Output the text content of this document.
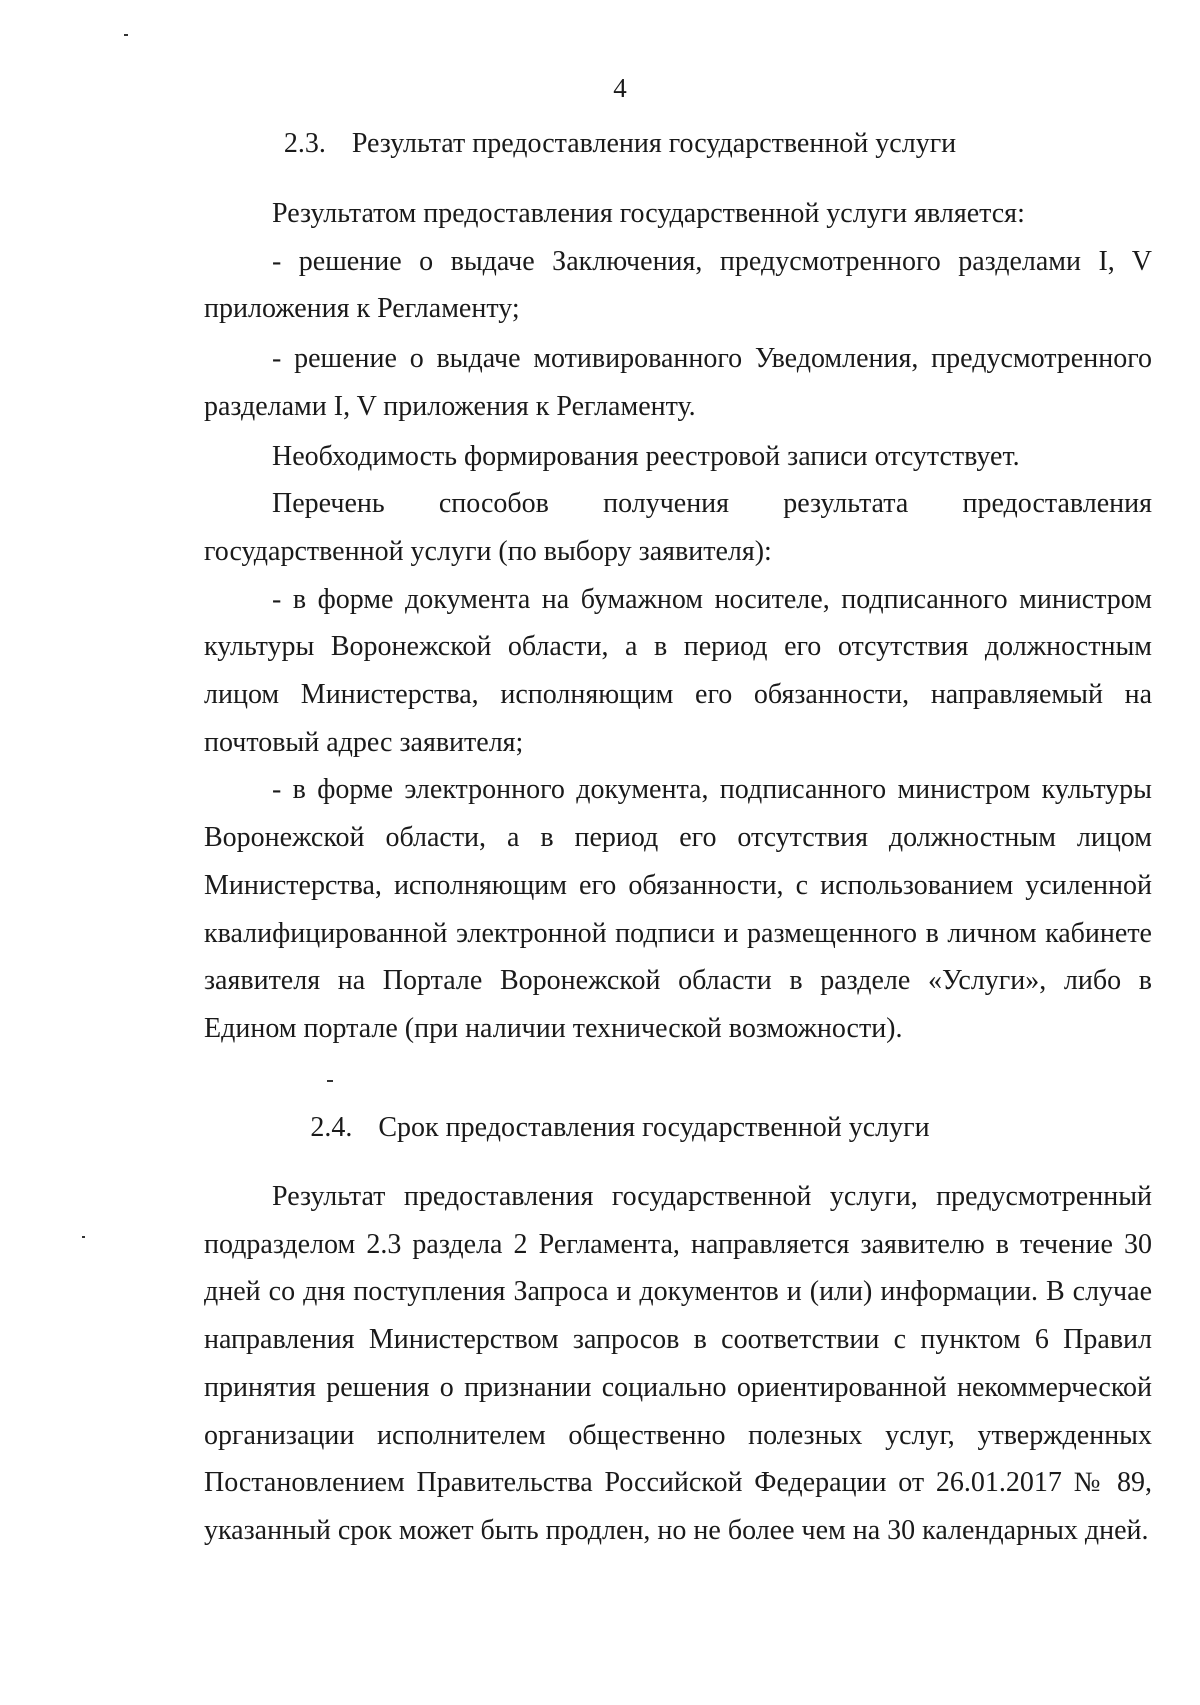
4
2.3. Результат предоставления государственной услуги

Результатом предоставления государственной услуги является:

- решение о выдаче Заключения, предусмотренного разделами I, V приложения к Регламенту;

- решение о выдаче мотивированного Уведомления, предусмотренного разделами I, V приложения к Регламенту.

Необходимость формирования реестровой записи отсутствует.

Перечень способов получения результата предоставления государственной услуги (по выбору заявителя):

- в форме документа на бумажном носителе, подписанного министром культуры Воронежской области, а в период его отсутствия должностным лицом Министерства, исполняющим его обязанности, направляемый на почтовый адрес заявителя;

- в форме электронного документа, подписанного министром культуры Воронежской области, а в период его отсутствия должностным лицом Министерства, исполняющим его обязанности, с использованием усиленной квалифицированной электронной подписи и размещенного в личном кабинете заявителя на Портале Воронежской области в разделе «Услуги», либо в Едином портале (при наличии технической возможности).

2.4. Срок предоставления государственной услуги

Результат предоставления государственной услуги, предусмотренный подразделом 2.3 раздела 2 Регламента, направляется заявителю в течение 30 дней со дня поступления Запроса и документов и (или) информации. В случае направления Министерством запросов в соответствии с пунктом 6 Правил принятия решения о признании социально ориентированной некоммерческой организации исполнителем общественно полезных услуг, утвержденных Постановлением Правительства Российской Федерации от 26.01.2017 № 89, указанный срок может быть продлен, но не более чем на 30 календарных дней.
